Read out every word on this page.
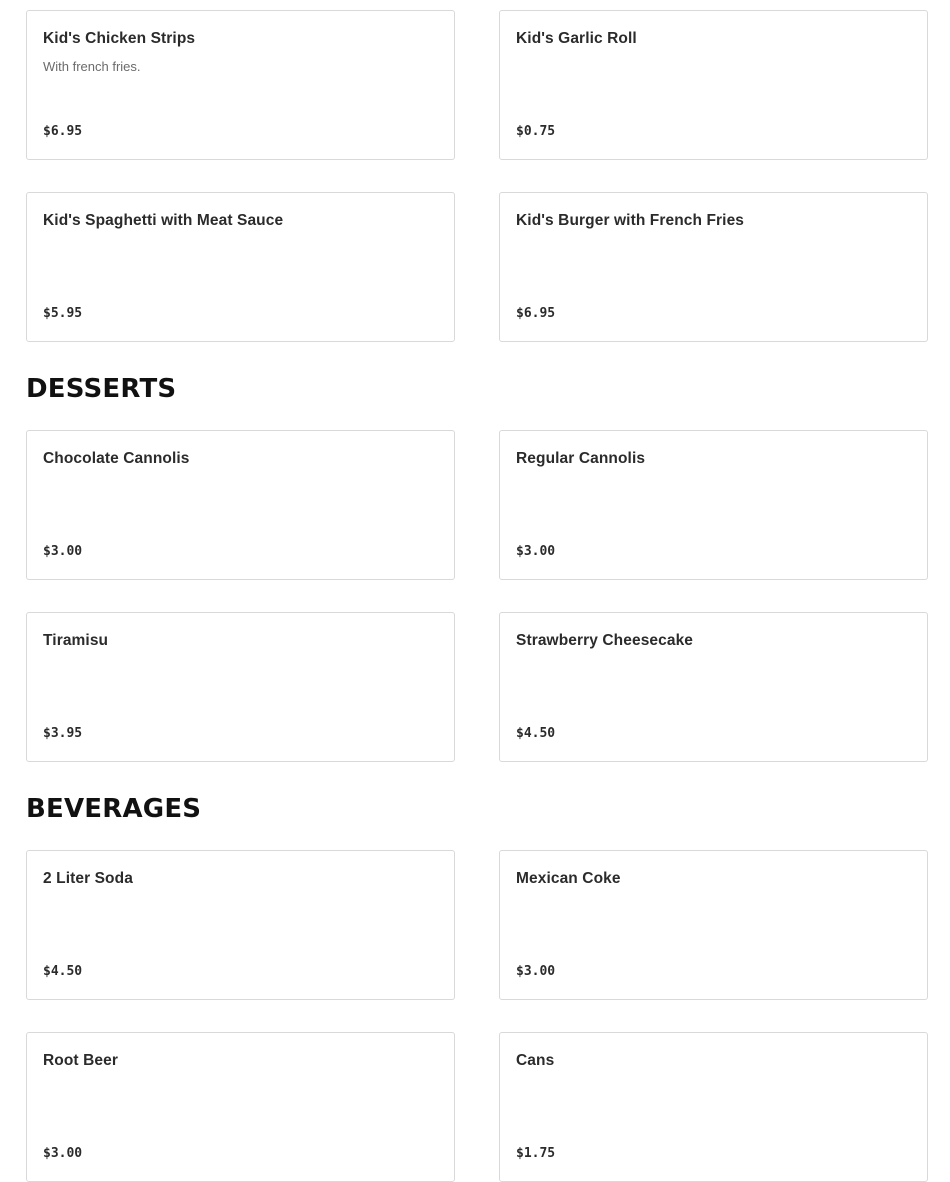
Kid's Chicken Strips
With french fries.
$6.95
Kid's Garlic Roll
$0.75
Kid's Spaghetti with Meat Sauce
$5.95
Kid's Burger with French Fries
$6.95
DESSERTS
Chocolate Cannolis
$3.00
Regular Cannolis
$3.00
Tiramisu
$3.95
Strawberry Cheesecake
$4.50
BEVERAGES
2 Liter Soda
$4.50
Mexican Coke
$3.00
Root Beer
$3.00
Cans
$1.75
